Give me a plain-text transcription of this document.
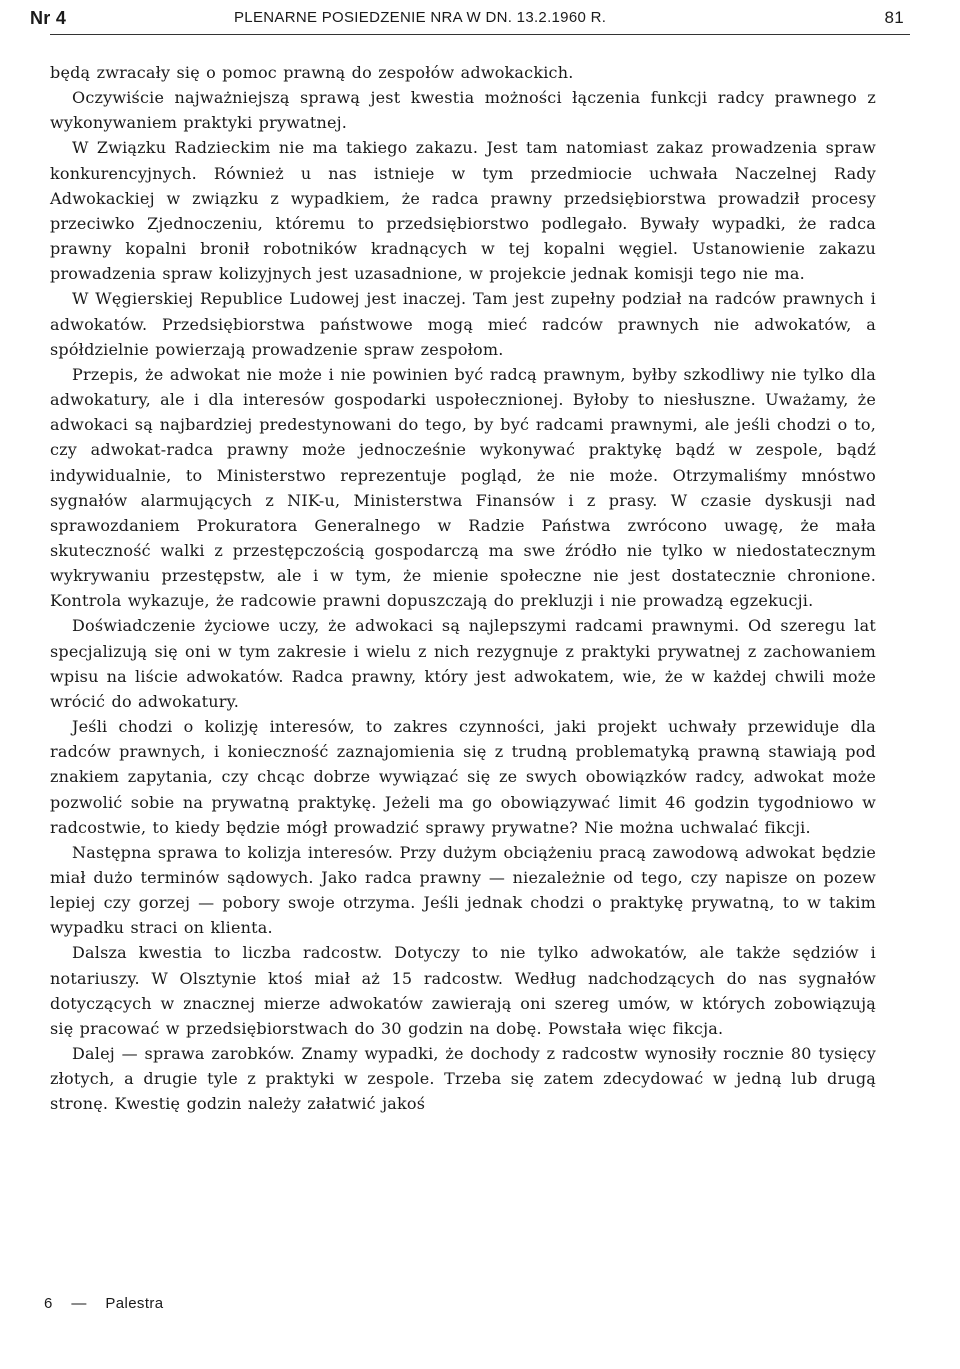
Nr 4	PLENARNE POSIEDZENIE NRA W DN. 13.2.1960 R.	81

będą zwracały się o pomoc prawną do zespołów adwokackich.

Oczywiście najważniejszą sprawą jest kwestia możności łączenia funkcji radcy prawnego z wykonywaniem praktyki prywatnej.

W Związku Radzieckim nie ma takiego zakazu. Jest tam natomiast zakaz prowadzenia spraw konkurencyjnych. Również u nas istnieje w tym przedmiocie uchwała Naczelnej Rady Adwokackiej w związku z wypadkiem, że radca prawny przedsiębiorstwa prowadził procesy przeciwko Zjednoczeniu, któremu to przedsiębiorstwo podlegało. Bywały wypadki, że radca prawny kopalni bronił robotników kradnących w tej kopalni węgiel. Ustanowienie zakazu prowadzenia spraw kolizyjnych jest uzasadnione, w projekcie jednak komisji tego nie ma.

W Węgierskiej Republice Ludowej jest inaczej. Tam jest zupełny podział na radców prawnych i adwokatów. Przedsiębiorstwa państwowe mogą mieć radców prawnych nie adwokatów, a spółdzielnie powierzają prowadzenie spraw zespołom.

Przepis, że adwokat nie może i nie powinien być radcą prawnym, byłby szkodliwy nie tylko dla adwokatury, ale i dla interesów gospodarki uspołecznionej. Byłoby to niesłuszne. Uważamy, że adwokaci są najbardziej predestynowani do tego, by być radcami prawnymi, ale jeśli chodzi o to, czy adwokat-radca prawny może jednocześnie wykonywać praktykę bądź w zespole, bądź indywidualnie, to Ministerstwo reprezentuje pogląd, że nie może. Otrzymaliśmy mnóstwo sygnałów alarmujących z NIK-u, Ministerstwa Finansów i z prasy. W czasie dyskusji nad sprawozdaniem Prokuratora Generalnego w Radzie Państwa zwrócono uwagę, że mała skuteczność walki z przestępczością gospodarczą ma swe źródło nie tylko w niedostatecznym wykrywaniu przestępstw, ale i w tym, że mienie społeczne nie jest dostatecznie chronione. Kontrola wykazuje, że radcowie prawni dopuszczają do prekluzji i nie prowadzą egzekucji.

Doświadczenie życiowe uczy, że adwokaci są najlepszymi radcami prawnymi. Od szeregu lat specjalizują się oni w tym zakresie i wielu z nich rezygnuje z praktyki prywatnej z zachowaniem wpisu na liście adwokatów. Radca prawny, który jest adwokatem, wie, że w każdej chwili może wrócić do adwokatury.

Jeśli chodzi o kolizję interesów, to zakres czynności, jaki projekt uchwały przewiduje dla radców prawnych, i konieczność zaznajomienia się z trudną problematyką prawną stawiają pod znakiem zapytania, czy chcąc dobrze wywiązać się ze swych obowiązków radcy, adwokat może pozwolić sobie na prywatną praktykę. Jeżeli ma go obowiązywać limit 46 godzin tygodniowo w radcostwie, to kiedy będzie mógł prowadzić sprawy prywatne? Nie można uchwalać fikcji.

Następna sprawa to kolizja interesów. Przy dużym obciążeniu pracą zawodową adwokat będzie miał dużo terminów sądowych. Jako radca prawny — niezależnie od tego, czy napisze on pozew lepiej czy gorzej — pobory swoje otrzyma. Jeśli jednak chodzi o praktykę prywatną, to w takim wypadku straci on klienta.

Dalsza kwestia to liczba radcostw. Dotyczy to nie tylko adwokatów, ale także sędziów i notariuszy. W Olsztynie ktoś miał aż 15 radcostw. Według nadchodzących do nas sygnałów dotyczących w znacznej mierze adwokatów zawierają oni szereg umów, w których zobowiązują się pracować w przedsiębiorstwach do 30 godzin na dobę. Powstała więc fikcja.

Dalej — sprawa zarobków. Znamy wypadki, że dochody z radcostw wynosiły rocznie 80 tysięcy złotych, a drugie tyle z praktyki w zespole. Trzeba się zatem zdecydować w jedną lub drugą stronę. Kwestię godzin należy załatwić jakoś

6 — Palestra
